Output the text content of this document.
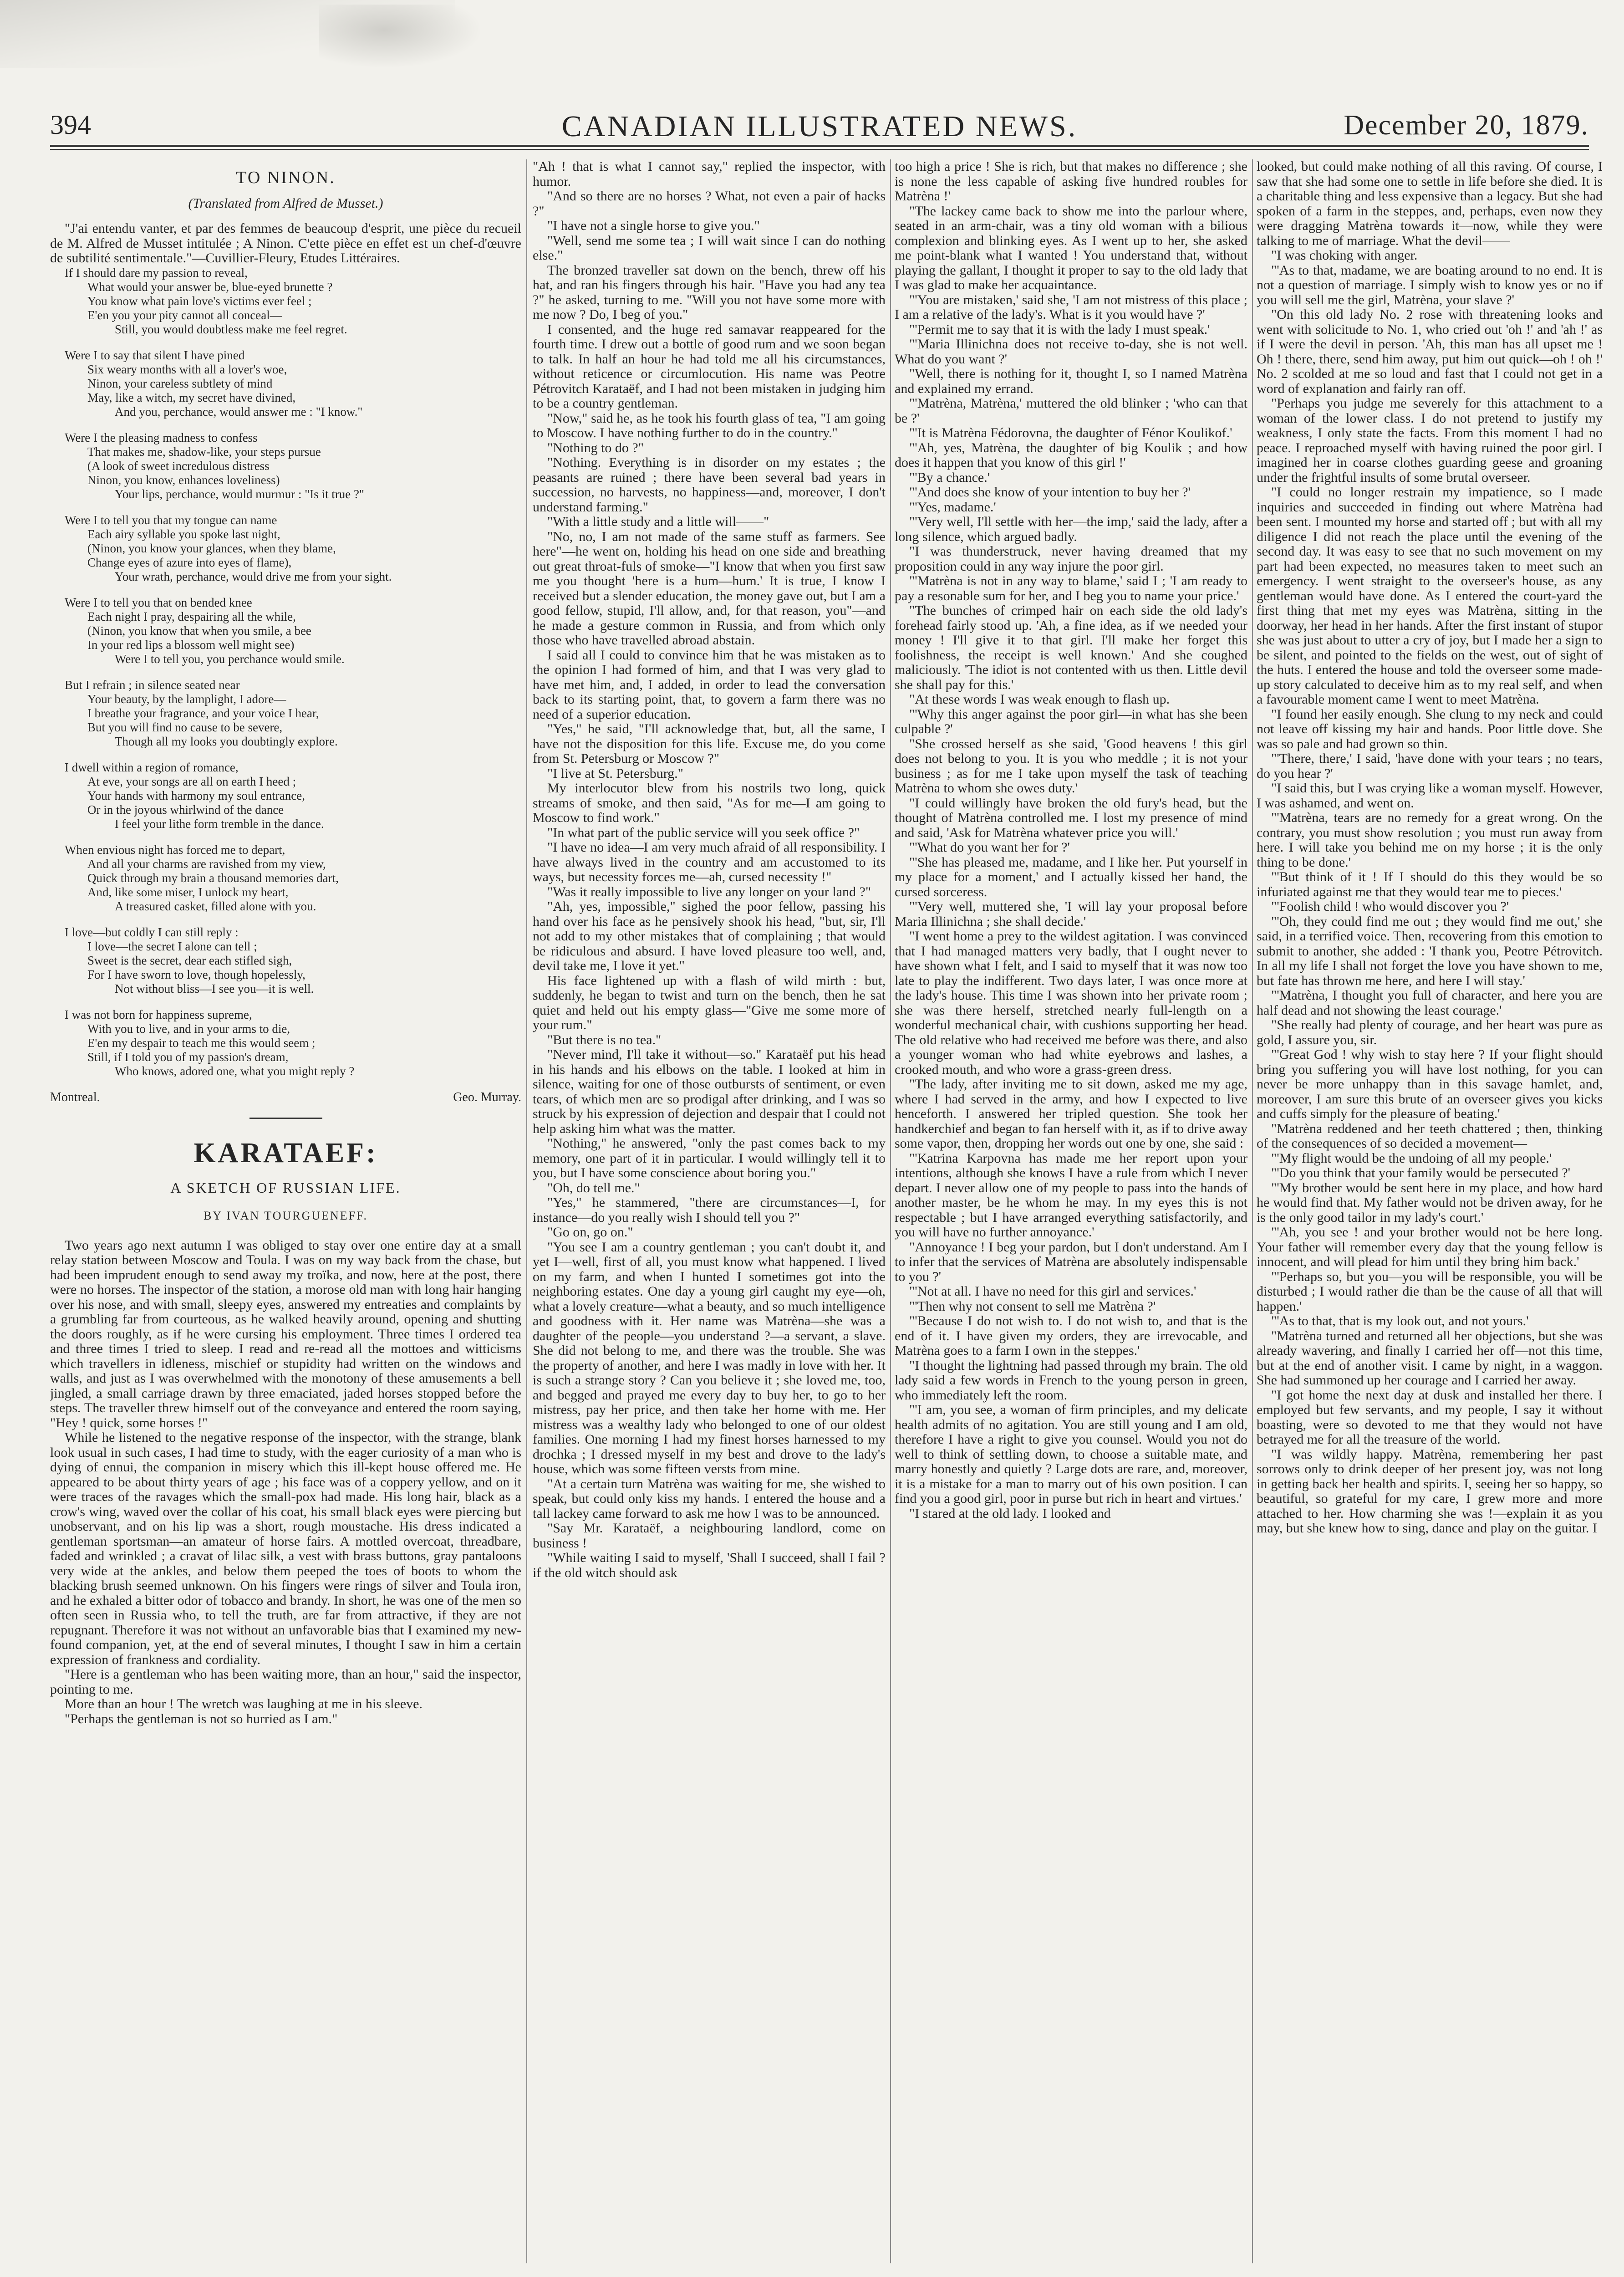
394	CANADIAN ILLUSTRATED NEWS.	December 20, 1879.
TO NINON.
(Translated from Alfred de Musset.)

"J'ai entendu vanter, et par des femmes de beaucoup d'esprit, une pièce du recueil de M. Alfred de Musset intitulée ; A Ninon. C'ette pièce en effet est un chef-d'œuvre de subtilité sentimentale."—Cuvillier-Fleury, Etudes Littéraires.

If I should dare my passion to reveal,

What would your answer be, blue-eyed brunette ?

You know what pain love's victims ever feel ;

E'en you your pity cannot all conceal—

Still, you would doubtless make me feel regret.

Were I to say that silent I have pined

Six weary months with all a lover's woe,

Ninon, your careless subtlety of mind

May, like a witch, my secret have divined,

And you, perchance, would answer me : "I know."

Were I the pleasing madness to confess

That makes me, shadow-like, your steps pursue

(A look of sweet incredulous distress

Ninon, you know, enhances loveliness)

Your lips, perchance, would murmur : "Is it true ?"

Were I to tell you that my tongue can name

Each airy syllable you spoke last night,

(Ninon, you know your glances, when they blame,

Change eyes of azure into eyes of flame),

Your wrath, perchance, would drive me from your sight.

Were I to tell you that on bended knee

Each night I pray, despairing all the while,

(Ninon, you know that when you smile, a bee

In your red lips a blossom well might see)

Were I to tell you, you perchance would smile.

But I refrain ; in silence seated near

Your beauty, by the lamplight, I adore—

I breathe your fragrance, and your voice I hear,

But you will find no cause to be severe,

Though all my looks you doubtingly explore.

I dwell within a region of romance,

At eve, your songs are all on earth I heed ;

Your hands with harmony my soul entrance,

Or in the joyous whirlwind of the dance

I feel your lithe form tremble in the dance.

When envious night has forced me to depart,

And all your charms are ravished from my view,

Quick through my brain a thousand memories dart,

And, like some miser, I unlock my heart,

A treasured casket, filled alone with you.

I love—but coldly I can still reply :

I love—the secret I alone can tell ;

Sweet is the secret, dear each stifled sigh,

For I have sworn to love, though hopelessly,

Not without bliss—I see you—it is well.

I was not born for happiness supreme,

With you to live, and in your arms to die,

E'en my despair to teach me this would seem ;

Still, if I told you of my passion's dream,

Who knows, adored one, what you might reply ?

Montreal.	Geo. Murray.
KARATAEF:
A SKETCH OF RUSSIAN LIFE.
BY IVAN TOURGUENEFF.

Two years ago next autumn I was obliged to stay over one entire day at a small relay station between Moscow and Toula. I was on my way back from the chase, but had been imprudent enough to send away my troïka, and now, here at the post, there were no horses. The inspector of the station, a morose old man with long hair hanging over his nose, and with small, sleepy eyes, answered my entreaties and complaints by a grumbling far from courteous, as he walked heavily around, opening and shutting the doors roughly, as if he were cursing his employment. Three times I ordered tea and three times I tried to sleep. I read and re-read all the mottoes and witticisms which travellers in idleness, mischief or stupidity had written on the windows and walls, and just as I was overwhelmed with the monotony of these amusements a bell jingled, a small carriage drawn by three emaciated, jaded horses stopped before the steps. The traveller threw himself out of the conveyance and entered the room saying, "Hey ! quick, some horses !"

While he listened to the negative response of the inspector, with the strange, blank look usual in such cases, I had time to study, with the eager curiosity of a man who is dying of ennui, the companion in misery which this ill-kept house offered me. He appeared to be about thirty years of age ; his face was of a coppery yellow, and on it were traces of the ravages which the small-pox had made. His long hair, black as a crow's wing, waved over the collar of his coat, his small black eyes were piercing but unobservant, and on his lip was a short, rough moustache. His dress indicated a gentleman sportsman—an amateur of horse fairs. A mottled overcoat, threadbare, faded and wrinkled ; a cravat of lilac silk, a vest with brass buttons, gray pantaloons very wide at the ankles, and below them peeped the toes of boots to whom the blacking brush seemed unknown. On his fingers were rings of silver and Toula iron, and he exhaled a bitter odor of tobacco and brandy. In short, he was one of the men so often seen in Russia who, to tell the truth, are far from attractive, if they are not repugnant. Therefore it was not without an unfavorable bias that I examined my new-found companion, yet, at the end of several minutes, I thought I saw in him a certain expression of frankness and cordiality.

"Here is a gentleman who has been waiting more, than an hour," said the inspector, pointing to me.

More than an hour ! The wretch was laughing at me in his sleeve.

"Perhaps the gentleman is not so hurried as I am."

"Ah ! that is what I cannot say," replied the inspector, with humor.

"And so there are no horses ? What, not even a pair of hacks ?"

"I have not a single horse to give you."

"Well, send me some tea ; I will wait since I can do nothing else."

The bronzed traveller sat down on the bench, threw off his hat, and ran his fingers through his hair. "Have you had any tea ?" he asked, turning to me. "Will you not have some more with me now ? Do, I beg of you."

I consented, and the huge red samavar reappeared for the fourth time. I drew out a bottle of good rum and we soon began to talk. In half an hour he had told me all his circumstances, without reticence or circumlocution. His name was Peotre Pétrovitch Karataëf, and I had not been mistaken in judging him to be a country gentleman.

"Now," said he, as he took his fourth glass of tea, "I am going to Moscow. I have nothing further to do in the country."

"Nothing to do ?"

"Nothing. Everything is in disorder on my estates ; the peasants are ruined ; there have been several bad years in succession, no harvests, no happiness—and, moreover, I don't understand farming."

"With a little study and a little will——"

"No, no, I am not made of the same stuff as farmers. See here"—he went on, holding his head on one side and breathing out great throat-fuls of smoke—"I know that when you first saw me you thought 'here is a hum—hum.' It is true, I know I received but a slender education, the money gave out, but I am a good fellow, stupid, I'll allow, and, for that reason, you"—and he made a gesture common in Russia, and from which only those who have travelled abroad abstain.

I said all I could to convince him that he was mistaken as to the opinion I had formed of him, and that I was very glad to have met him, and, I added, in order to lead the conversation back to its starting point, that, to govern a farm there was no need of a superior education.

"Yes," he said, "I'll acknowledge that, but, all the same, I have not the disposition for this life. Excuse me, do you come from St. Petersburg or Moscow ?"

"I live at St. Petersburg."

My interlocutor blew from his nostrils two long, quick streams of smoke, and then said, "As for me—I am going to Moscow to find work."

"In what part of the public service will you seek office ?"

"I have no idea—I am very much afraid of all responsibility. I have always lived in the country and am accustomed to its ways, but necessity forces me—ah, cursed necessity !"

"Was it really impossible to live any longer on your land ?"

"Ah, yes, impossible," sighed the poor fellow, passing his hand over his face as he pensively shook his head, "but, sir, I'll not add to my other mistakes that of complaining ; that would be ridiculous and absurd. I have loved pleasure too well, and, devil take me, I love it yet."

His face lightened up with a flash of wild mirth : but, suddenly, he began to twist and turn on the bench, then he sat quiet and held out his empty glass—"Give me some more of your rum."

"But there is no tea."

"Never mind, I'll take it without—so." Karataëf put his head in his hands and his elbows on the table. I looked at him in silence, waiting for one of those outbursts of sentiment, or even tears, of which men are so prodigal after drinking, and I was so struck by his expression of dejection and despair that I could not help asking him what was the matter.

"Nothing," he answered, "only the past comes back to my memory, one part of it in particular. I would willingly tell it to you, but I have some conscience about boring you."

"Oh, do tell me."

"Yes," he stammered, "there are circumstances—I, for instance—do you really wish I should tell you ?"

"Go on, go on."

"You see I am a country gentleman ; you can't doubt it, and yet I—well, first of all, you must know what happened. I lived on my farm, and when I hunted I sometimes got into the neighboring estates. One day a young girl caught my eye—oh, what a lovely creature—what a beauty, and so much intelligence and goodness with it. Her name was Matrèna—she was a daughter of the people—you understand ?—a servant, a slave. She did not belong to me, and there was the trouble. She was the property of another, and here I was madly in love with her. It is such a strange story ? Can you believe it ; she loved me, too, and begged and prayed me every day to buy her, to go to her mistress, pay her price, and then take her home with me. Her mistress was a wealthy lady who belonged to one of our oldest families. One morning I had my finest horses harnessed to my drochka ; I dressed myself in my best and drove to the lady's house, which was some fifteen versts from mine.

"At a certain turn Matrèna was waiting for me, she wished to speak, but could only kiss my hands. I entered the house and a tall lackey came forward to ask me how I was to be announced.

"Say Mr. Karataëf, a neighbouring landlord, come on business !

"While waiting I said to myself, 'Shall I succeed, shall I fail ? if the old witch should ask

too high a price ! She is rich, but that makes no difference ; she is none the less capable of asking five hundred roubles for Matrèna !'

"The lackey came back to show me into the parlour where, seated in an arm-chair, was a tiny old woman with a bilious complexion and blinking eyes. As I went up to her, she asked me point-blank what I wanted ! You understand that, without playing the gallant, I thought it proper to say to the old lady that I was glad to make her acquaintance.

"'You are mistaken,' said she, 'I am not mistress of this place ; I am a relative of the lady's. What is it you would have ?'

"'Permit me to say that it is with the lady I must speak.'

"'Maria Illinichna does not receive to-day, she is not well. What do you want ?'

"Well, there is nothing for it, thought I, so I named Matrèna and explained my errand.

"'Matrèna, Matrèna,' muttered the old blinker ; 'who can that be ?'

"'It is Matrèna Fédorovna, the daughter of Fénor Koulikof.'

"'Ah, yes, Matrèna, the daughter of big Koulik ; and how does it happen that you know of this girl !'

"'By a chance.'

"'And does she know of your intention to buy her ?'

"'Yes, madame.'

"'Very well, I'll settle with her—the imp,' said the lady, after a long silence, which argued badly.

"I was thunderstruck, never having dreamed that my proposition could in any way injure the poor girl.

"'Matrèna is not in any way to blame,' said I ; 'I am ready to pay a resonable sum for her, and I beg you to name your price.'

"The bunches of crimped hair on each side the old lady's forehead fairly stood up. 'Ah, a fine idea, as if we needed your money ! I'll give it to that girl. I'll make her forget this foolishness, the receipt is well known.' And she coughed maliciously. 'The idiot is not contented with us then. Little devil she shall pay for this.'

"At these words I was weak enough to flash up.

"'Why this anger against the poor girl—in what has she been culpable ?'

"She crossed herself as she said, 'Good heavens ! this girl does not belong to you. It is you who meddle ; it is not your business ; as for me I take upon myself the task of teaching Matrèna to whom she owes duty.'

"I could willingly have broken the old fury's head, but the thought of Matrèna controlled me. I lost my presence of mind and said, 'Ask for Matrèna whatever price you will.'

"'What do you want her for ?'

"'She has pleased me, madame, and I like her. Put yourself in my place for a moment,' and I actually kissed her hand, the cursed sorceress.

"'Very well, muttered she, 'I will lay your proposal before Maria Illinichna ; she shall decide.'

"I went home a prey to the wildest agitation. I was convinced that I had managed matters very badly, that I ought never to have shown what I felt, and I said to myself that it was now too late to play the indifferent. Two days later, I was once more at the lady's house. This time I was shown into her private room ; she was there herself, stretched nearly full-length on a wonderful mechanical chair, with cushions supporting her head. The old relative who had received me before was there, and also a younger woman who had white eyebrows and lashes, a crooked mouth, and who wore a grass-green dress.

"The lady, after inviting me to sit down, asked me my age, where I had served in the army, and how I expected to live henceforth. I answered her tripled question. She took her handkerchief and began to fan herself with it, as if to drive away some vapor, then, dropping her words out one by one, she said :

"'Katrina Karpovna has made me her report upon your intentions, although she knows I have a rule from which I never depart. I never allow one of my people to pass into the hands of another master, be he whom he may. In my eyes this is not respectable ; but I have arranged everything satisfactorily, and you will have no further annoyance.'

"Annoyance ! I beg your pardon, but I don't understand. Am I to infer that the services of Matrèna are absolutely indispensable to you ?'

"'Not at all. I have no need for this girl and services.'

"'Then why not consent to sell me Matrèna ?'

"'Because I do not wish to. I do not wish to, and that is the end of it. I have given my orders, they are irrevocable, and Matrèna goes to a farm I own in the steppes.'

"I thought the lightning had passed through my brain. The old lady said a few words in French to the young person in green, who immediately left the room.

"'I am, you see, a woman of firm principles, and my delicate health admits of no agitation. You are still young and I am old, therefore I have a right to give you counsel. Would you not do well to think of settling down, to choose a suitable mate, and marry honestly and quietly ? Large dots are rare, and, moreover, it is a mistake for a man to marry out of his own position. I can find you a good girl, poor in purse but rich in heart and virtues.'

"I stared at the old lady. I looked and

looked, but could make nothing of all this raving. Of course, I saw that she had some one to settle in life before she died. It is a charitable thing and less expensive than a legacy. But she had spoken of a farm in the steppes, and, perhaps, even now they were dragging Matrèna towards it—now, while they were talking to me of marriage. What the devil——

"I was choking with anger.

"'As to that, madame, we are boating around to no end. It is not a question of marriage. I simply wish to know yes or no if you will sell me the girl, Matrèna, your slave ?'

"On this old lady No. 2 rose with threatening looks and went with solicitude to No. 1, who cried out 'oh !' and 'ah !' as if I were the devil in person. 'Ah, this man has all upset me ! Oh ! there, there, send him away, put him out quick—oh ! oh !' No. 2 scolded at me so loud and fast that I could not get in a word of explanation and fairly ran off.

"Perhaps you judge me severely for this attachment to a woman of the lower class. I do not pretend to justify my weakness, I only state the facts. From this moment I had no peace. I reproached myself with having ruined the poor girl. I imagined her in coarse clothes guarding geese and groaning under the frightful insults of some brutal overseer.

"I could no longer restrain my impatience, so I made inquiries and succeeded in finding out where Matrèna had been sent. I mounted my horse and started off ; but with all my diligence I did not reach the place until the evening of the second day. It was easy to see that no such movement on my part had been expected, no measures taken to meet such an emergency. I went straight to the overseer's house, as any gentleman would have done. As I entered the court-yard the first thing that met my eyes was Matrèna, sitting in the doorway, her head in her hands. After the first instant of stupor she was just about to utter a cry of joy, but I made her a sign to be silent, and pointed to the fields on the west, out of sight of the huts. I entered the house and told the overseer some made-up story calculated to deceive him as to my real self, and when a favourable moment came I went to meet Matrèna.

"I found her easily enough. She clung to my neck and could not leave off kissing my hair and hands. Poor little dove. She was so pale and had grown so thin.

"'There, there,' I said, 'have done with your tears ; no tears, do you hear ?'

"I said this, but I was crying like a woman myself. However, I was ashamed, and went on.

"'Matrèna, tears are no remedy for a great wrong. On the contrary, you must show resolution ; you must run away from here. I will take you behind me on my horse ; it is the only thing to be done.'

"'But think of it ! If I should do this they would be so infuriated against me that they would tear me to pieces.'

"'Foolish child ! who would discover you ?'

"'Oh, they could find me out ; they would find me out,' she said, in a terrified voice. Then, recovering from this emotion to submit to another, she added : 'I thank you, Peotre Pétrovitch. In all my life I shall not forget the love you have shown to me, but fate has thrown me here, and here I will stay.'

"'Matrèna, I thought you full of character, and here you are half dead and not showing the least courage.'

"She really had plenty of courage, and her heart was pure as gold, I assure you, sir.

"'Great God ! why wish to stay here ? If your flight should bring you suffering you will have lost nothing, for you can never be more unhappy than in this savage hamlet, and, moreover, I am sure this brute of an overseer gives you kicks and cuffs simply for the pleasure of beating.'

"Matrèna reddened and her teeth chattered ; then, thinking of the consequences of so decided a movement—

"'My flight would be the undoing of all my people.'

"'Do you think that your family would be persecuted ?'

"'My brother would be sent here in my place, and how hard he would find that. My father would not be driven away, for he is the only good tailor in my lady's court.'

"'Ah, you see ! and your brother would not be here long. Your father will remember every day that the young fellow is innocent, and will plead for him until they bring him back.'

"'Perhaps so, but you—you will be responsible, you will be disturbed ; I would rather die than be the cause of all that will happen.'

"'As to that, that is my look out, and not yours.'

"Matrèna turned and returned all her objections, but she was already wavering, and finally I carried her off—not this time, but at the end of another visit. I came by night, in a waggon. She had summoned up her courage and I carried her away.

"I got home the next day at dusk and installed her there. I employed but few servants, and my people, I say it without boasting, were so devoted to me that they would not have betrayed me for all the treasure of the world.

"I was wildly happy. Matrèna, remembering her past sorrows only to drink deeper of her present joy, was not long in getting back her health and spirits. I, seeing her so happy, so beautiful, so grateful for my care, I grew more and more attached to her. How charming she was !—explain it as you may, but she knew how to sing, dance and play on the guitar. I
